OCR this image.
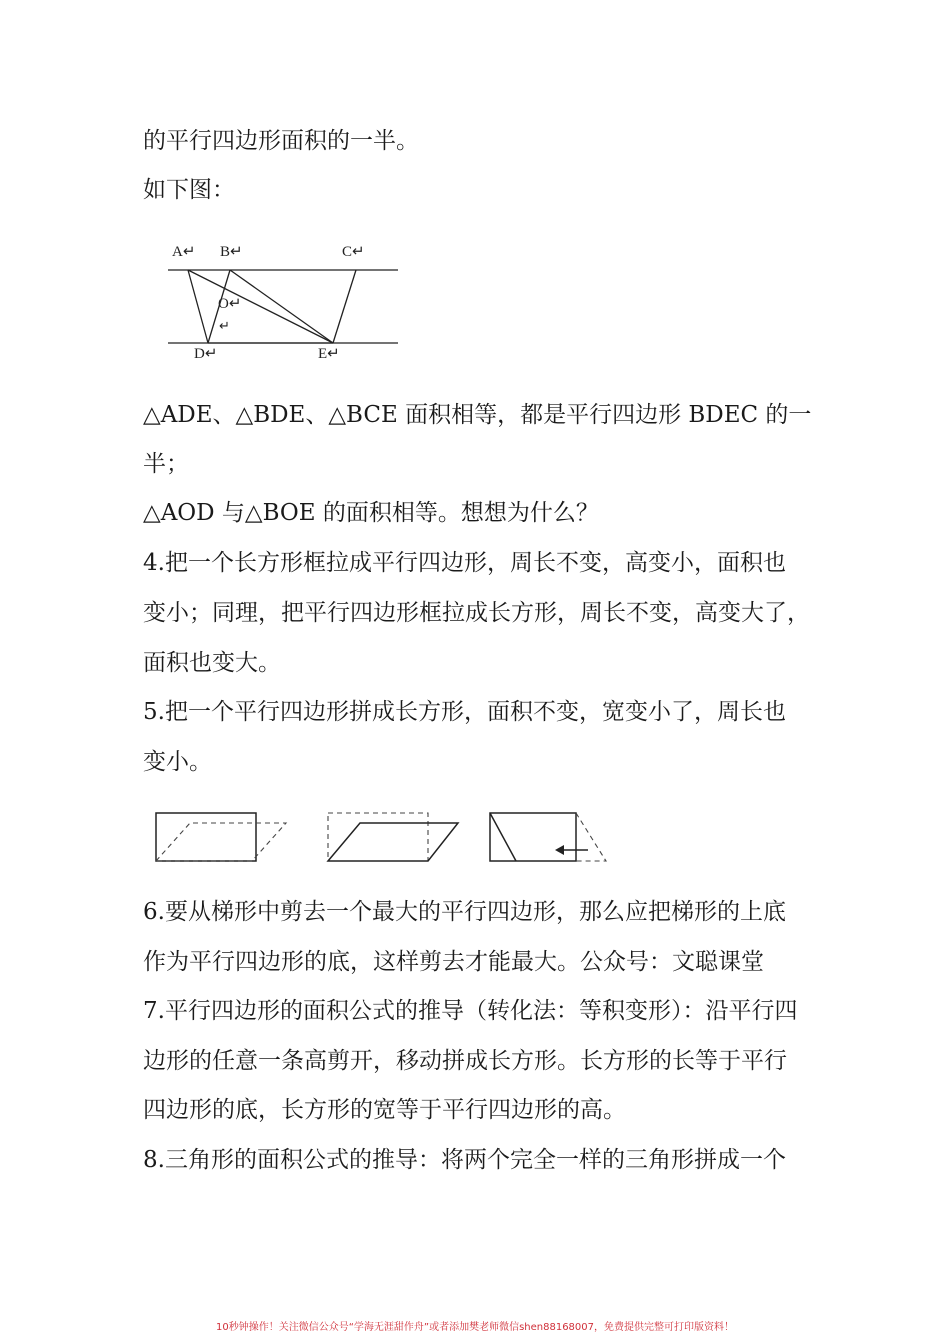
的平行四边形面积的一半。
如下图：
A↵ B↵	C↵
O↵
↵
D↵	E↵
△ADE、△BDE、△BCE 面积相等，都是平行四边形 BDEC 的一
半；
△AOD 与△BOE 的面积相等。想想为什么？
4.把一个长方形框拉成平行四边形，周长不变，高变小，面积也
变小；同理，把平行四边形框拉成长方形，周长不变，高变大了，
面积也变大。
5.把一个平行四边形拼成长方形，面积不变，宽变小了，周长也
变小。
6.要从梯形中剪去一个最大的平行四边形，那么应把梯形的上底
作为平行四边形的底，这样剪去才能最大。公众号：文聪课堂
7.平行四边形的面积公式的推导（转化法：等积变形）：沿平行四
边形的任意一条高剪开，移动拼成长方形。长方形的长等于平行
四边形的底，长方形的宽等于平行四边形的高。
8.三角形的面积公式的推导：将两个完全一样的三角形拼成一个
10秒钟操作！关注微信公众号“学海无涯甜作舟”或者添加樊老师微信shen88168007，免费提供完整可打印版资料！
